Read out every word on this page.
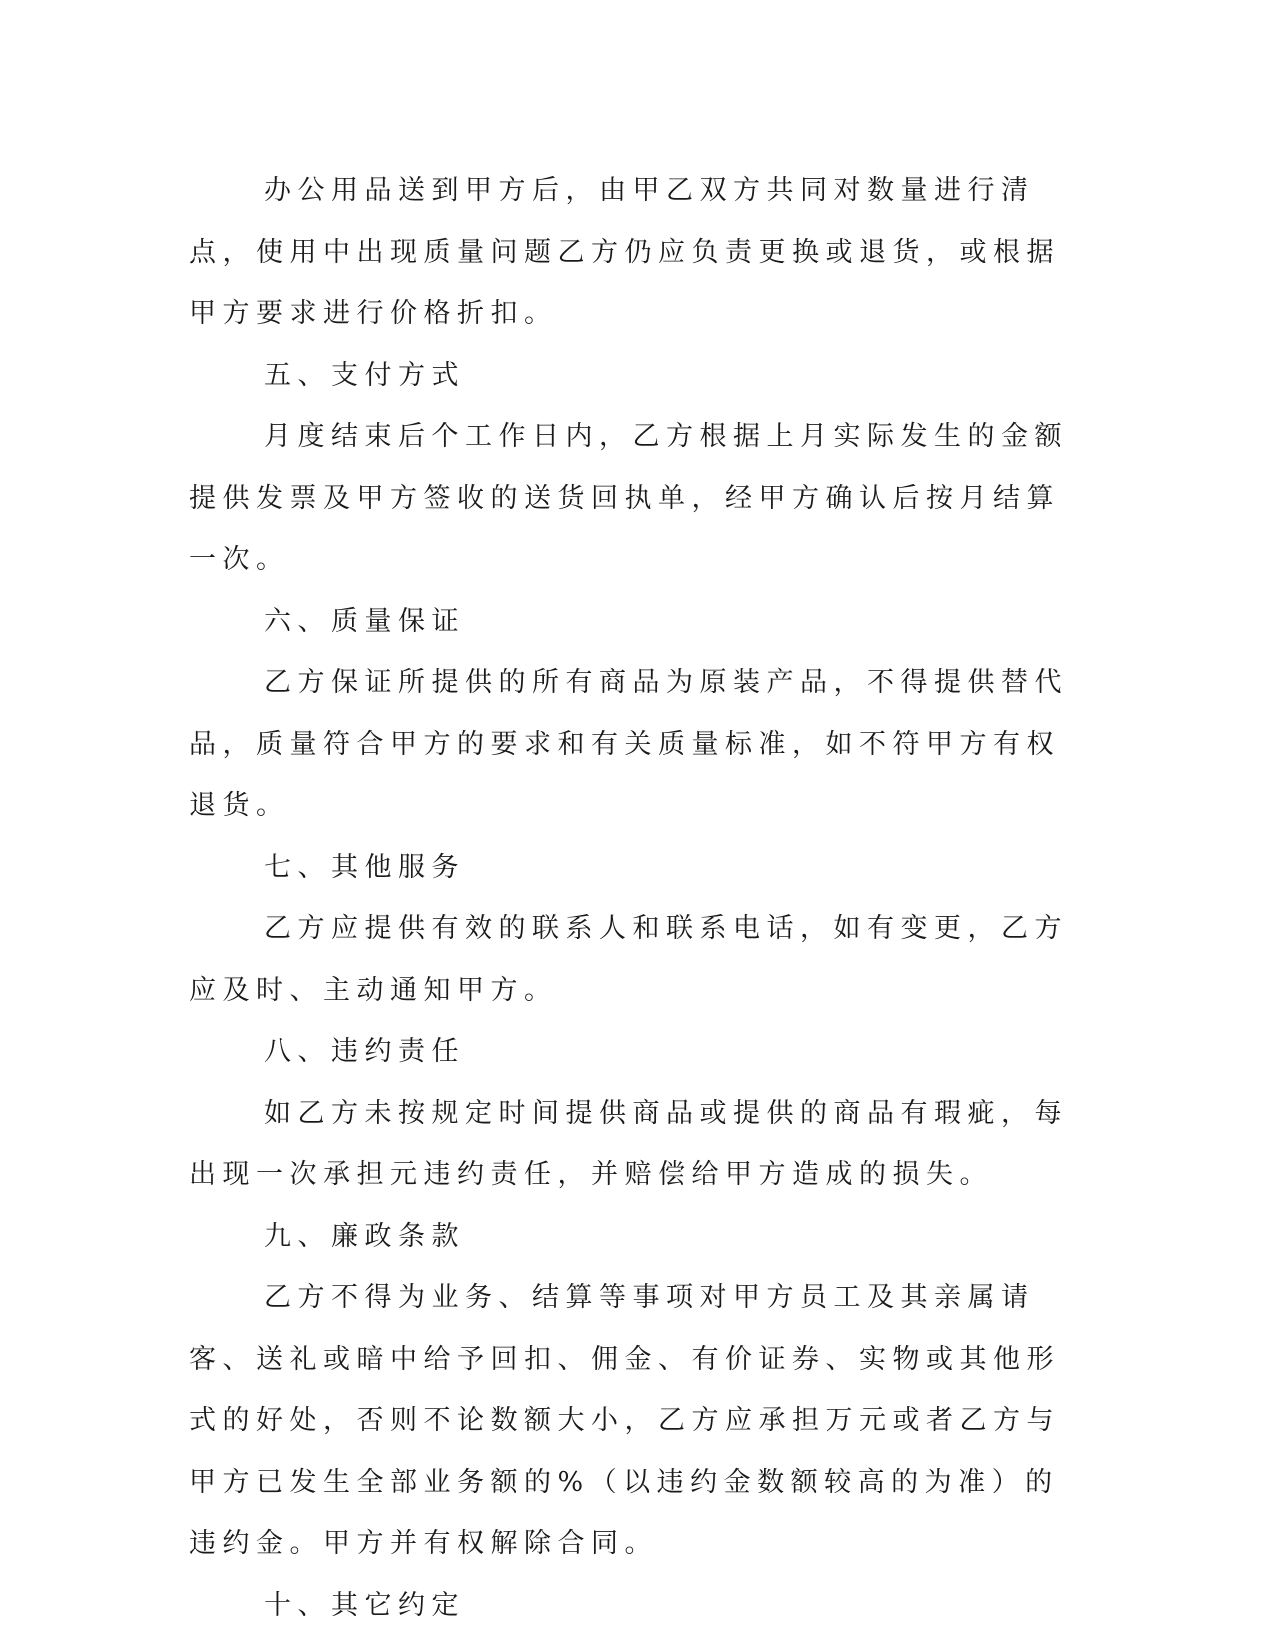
办公用品送到甲方后，由甲乙双方共同对数量进行清点，使用中出现质量问题乙方仍应负责更换或退货，或根据甲方要求进行价格折扣。

五、支付方式

月度结束后个工作日内，乙方根据上月实际发生的金额提供发票及甲方签收的送货回执单，经甲方确认后按月结算一次。

六、质量保证

乙方保证所提供的所有商品为原装产品，不得提供替代品，质量符合甲方的要求和有关质量标准，如不符甲方有权退货。

七、其他服务

乙方应提供有效的联系人和联系电话，如有变更，乙方应及时、主动通知甲方。

八、违约责任

如乙方未按规定时间提供商品或提供的商品有瑕疵，每出现一次承担元违约责任，并赔偿给甲方造成的损失。

九、廉政条款

乙方不得为业务、结算等事项对甲方员工及其亲属请客、送礼或暗中给予回扣、佣金、有价证券、实物或其他形式的好处，否则不论数额大小，乙方应承担万元或者乙方与甲方已发生全部业务额的%（以违约金数额较高的为准）的违约金。甲方并有权解除合同。

十、其它约定
